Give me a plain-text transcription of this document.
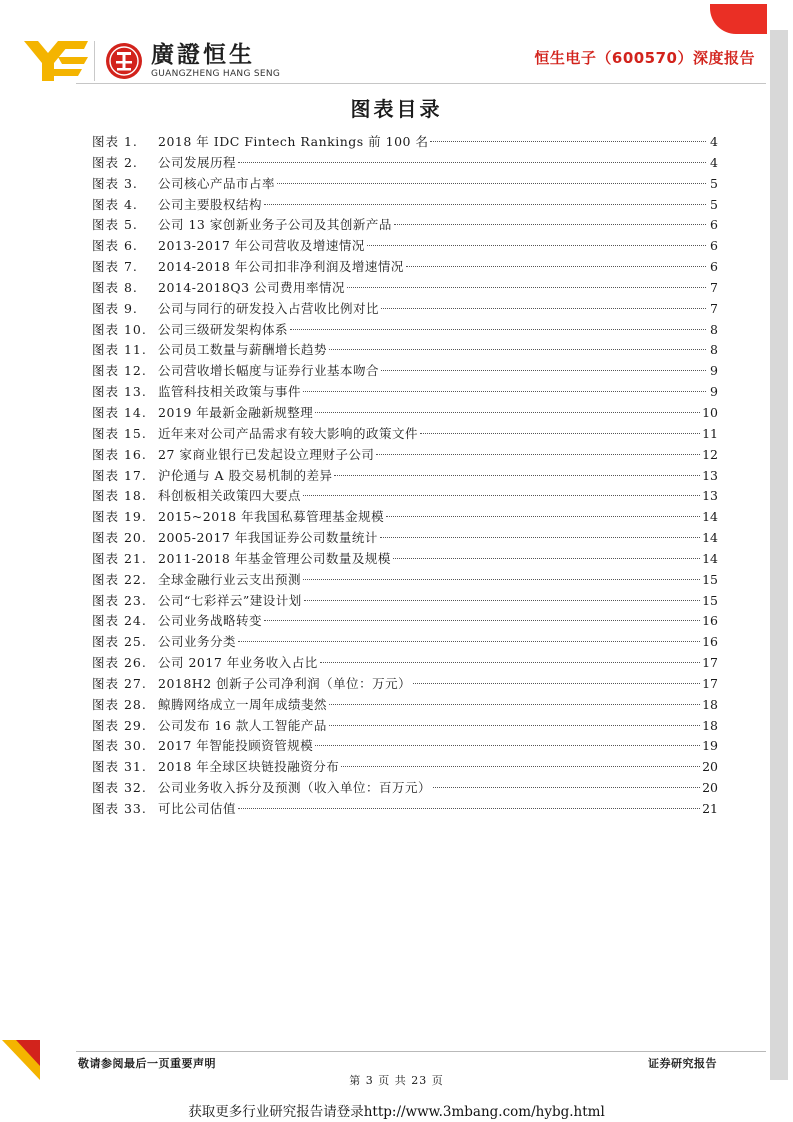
廣證恒生
GUANGZHENG HANG SENG
恒生电子（600570）深度报告
图表目录
图表 1.	2018 年 IDC Fintech Rankings 前 100 名	4
图表 2.	公司发展历程	4
图表 3.	公司核心产品市占率	5
图表 4.	公司主要股权结构	5
图表 5.	公司 13 家创新业务子公司及其创新产品	6
图表 6.	2013-2017 年公司营收及增速情况	6
图表 7.	2014-2018 年公司扣非净利润及增速情况	6
图表 8.	2014-2018Q3 公司费用率情况	7
图表 9.	公司与同行的研发投入占营收比例对比	7
图表 10. 公司三级研发架构体系	8
图表 11. 公司员工数量与薪酬增长趋势	8
图表 12. 公司营收增长幅度与证券行业基本吻合	9
图表 13. 监管科技相关政策与事件	9
图表 14. 2019 年最新金融新规整理	10
图表 15. 近年来对公司产品需求有较大影响的政策文件	11
图表 16. 27 家商业银行已发起设立理财子公司	12
图表 17. 沪伦通与 A 股交易机制的差异	13
图表 18. 科创板相关政策四大要点	13
图表 19. 2015~2018 年我国私募管理基金规模	14
图表 20. 2005-2017 年我国证券公司数量统计	14
图表 21. 2011-2018 年基金管理公司数量及规模	14
图表 22. 全球金融行业云支出预测	15
图表 23. 公司“七彩祥云”建设计划	15
图表 24. 公司业务战略转变	16
图表 25. 公司业务分类	16
图表 26. 公司 2017 年业务收入占比	17
图表 27. 2018H2 创新子公司净利润（单位：万元）	17
图表 28. 鲸腾网络成立一周年成绩斐然	18
图表 29. 公司发布 16 款人工智能产品	18
图表 30. 2017 年智能投顾资管规模	19
图表 31. 2018 年全球区块链投融资分布	20
图表 32. 公司业务收入拆分及预测（收入单位：百万元）	20
图表 33. 可比公司估值	21
敬请参阅最后一页重要声明	证券研究报告
第 3 页 共 23 页
获取更多行业研究报告请登录http://www.3mbang.com/hybg.html
